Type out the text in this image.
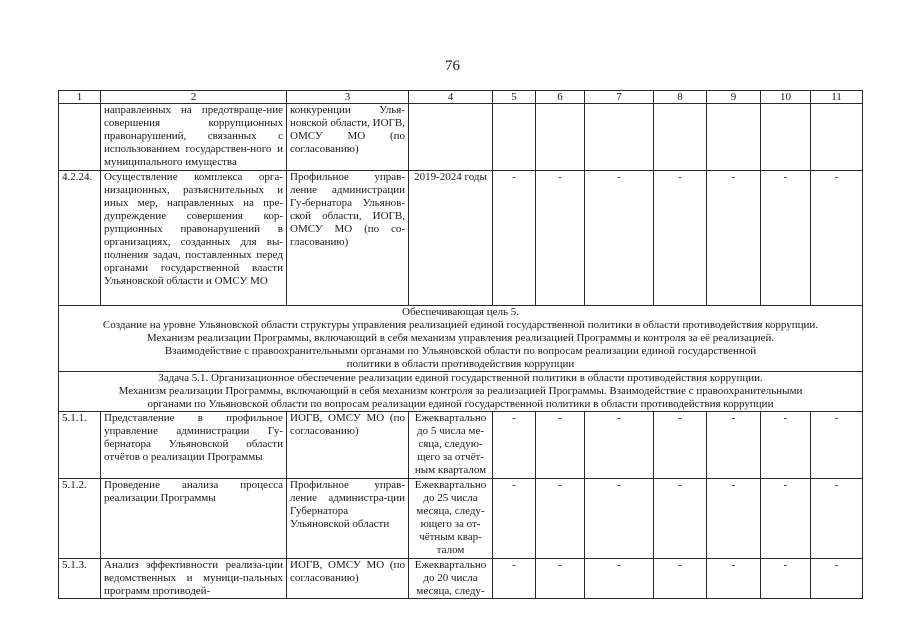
76
1	2	3	4	5	6	7	8	9	10	11
	направленных на предотвраще-ние совершения коррупционных правонарушений, связанных с использованием государствен-ного и муниципального имущества	конкуренции Улья-новской области, ИОГВ, ОМСУ МО (по согласованию)								
4.2.24.	Осуществление комплекса орга-низационных, разъяснительных и иных мер, направленных на пре-дупреждение совершения кор-рупционных правонарушений в организациях, созданных для вы-полнения задач, поставленных перед органами государственной власти Ульяновской области и ОМСУ МО	Профильное управ-ление администрации Гу-бернатора Ульянов-ской области, ИОГВ, ОМСУ МО (по со-гласованию)	2019-2024 годы	-	-	-	-	-	-	-

Обеспечивающая цель 5.
Создание на уровне Ульяновской области структуры управления реализацией единой государственной политики в области противодействия коррупции.
Механизм реализации Программы, включающий в себя механизм управления реализацией Программы и контроля за её реализацией.
Взаимодействие с правоохранительными органами по Ульяновской области по вопросам реализации единой государственной
политики в области противодействия коррупции										

Задача 5.1. Организационное обеспечение реализации единой государственной политики в области противодействия коррупции.
Механизм реализации Программы, включающий в себя механизм контроля за реализацией Программы. Взаимодействие с правоохранительными
органами по Ульяновской области по вопросам реализации единой государственной политики в области противодействия коррупции										

5.1.1.	Представление в профильное управление администрации Гу-бернатора Ульяновской области отчётов о реализации Программы	ИОГВ, ОМСУ МО (по согласованию)	Ежеквартально до 5 числа ме-сяца, следую-щего за отчёт-ным кварталом	-	-	-	-	-	-	-
5.1.2.	Проведение анализа процесса реализации Программы	Профильное управ-ление администра-ции Губернатора Ульяновской области	Ежеквартально до 25 числа месяца, следу-ющего за от-чётным квар-талом	-	-	-	-	-	-	-
5.1.3.	Анализ эффективности реализа-ции ведомственных и муници-пальных программ противодей-	ИОГВ, ОМСУ МО (по согласованию)	Ежеквартально до 20 числа месяца, следу-	-	-	-	-	-	-	-
